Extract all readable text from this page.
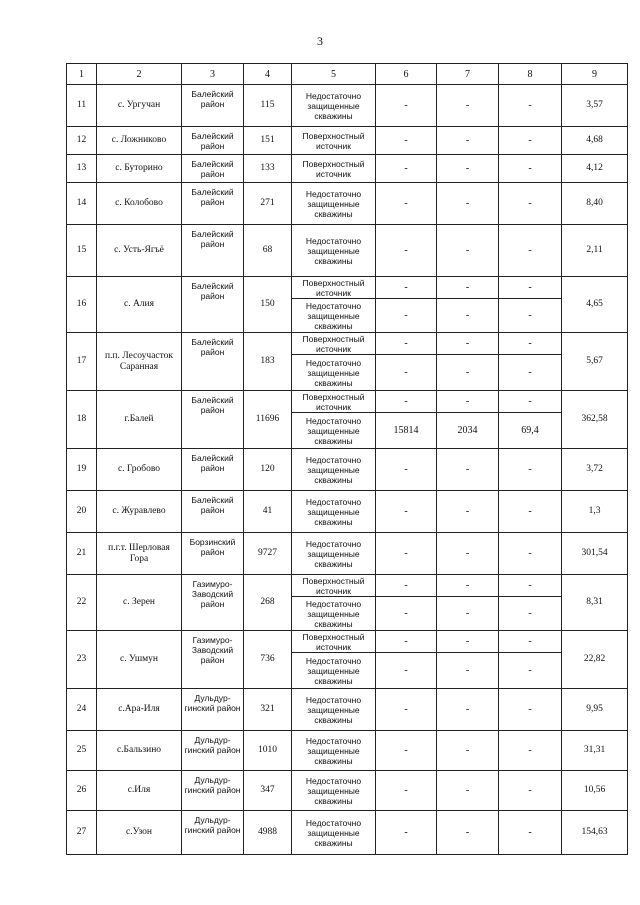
3
1	2	3	4	5	6	7	8	9
11	с. Ургучан	Балейский район	115	Недостаточно защищенные скважины	-	-	-	3,57
12	с. Ложниково	Балейский район	151	Поверхностный источник	-	-	-	4,68
13	с. Буторино	Балейский район	133	Поверхностный источник	-	-	-	4,12
14	с. Колобово	Балейский район	271	Недостаточно защищенные скважины	-	-	-	8,40
15	с. Усть-Ягъё	Балейский район	68	Недостаточно защищенные скважины	-	-	-	2,11
16	с. Алия	Балейский район	150	Поверхностный источник	-	-	-	4,65
				Недостаточно защищенные скважины	-	-	-	
17	п.п. Лесоучасток Саранная	Балейский район	183	Поверхностный источник	-	-	-	5,67
				Недостаточно защищенные скважины	-	-	-	
18	г.Балей	Балейский район	11696	Поверхностный источник	-	-	-	362,58
				Недостаточно защищенные скважины	15814	2034	69,4	
19	с. Гробово	Балейский район	120	Недостаточно защищенные скважины	-	-	-	3,72
20	с. Журавлево	Балейский район	41	Недостаточно защищенные скважины	-	-	-	1,3
21	п.г.т. Шерловая Гора	Борзинский район	9727	Недостаточно защищенные скважины	-	-	-	301,54
22	с. Зерен	Газимуро-Заводский район	268	Поверхностный источник	-	-	-	8,31
				Недостаточно защищенные скважины	-	-	-	
23	с. Ушмун	Газимуро-Заводский район	736	Поверхностный источник	-	-	-	22,82
				Недостаточно защищенные скважины	-	-	-	
24	с.Ара-Иля	Дульдур-гинский район	321	Недостаточно защищенные скважины	-	-	-	9,95
25	с.Бальзино	Дульдур-гинский район	1010	Недостаточно защищенные скважины	-	-	-	31,31
26	с.Иля	Дульдур-гинский район	347	Недостаточно защищенные скважины	-	-	-	10,56
27	с.Узон	Дульдур-гинский район	4988	Недостаточно защищенные скважины	-	-	-	154,63
